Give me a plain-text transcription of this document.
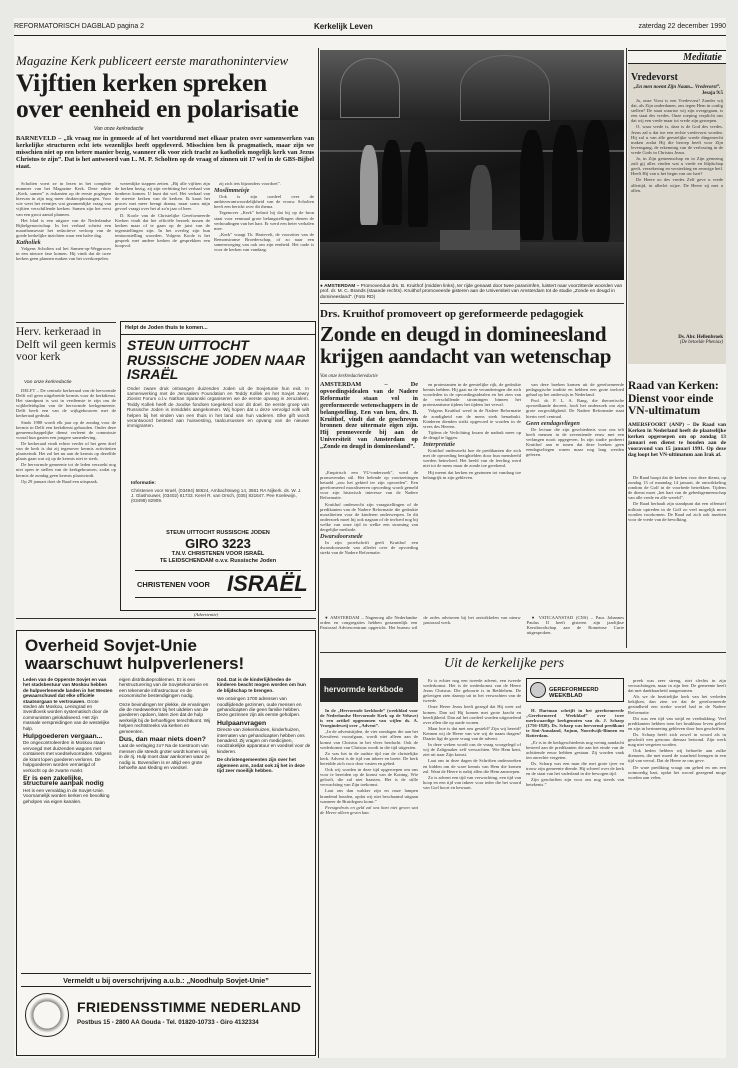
REFORMATORISCH DAGBLAD pagina 2	Kerkelijk Leven	zaterdag 22 december 1990
Magazine Kerk publiceert eerste marathoninterview
Vijftien kerken spreken
over eenheid en polarisatie
Van onze kerkredactie
BARNEVELD – „Ik vraag me in gemoede af of het voortdurend met elkaar praten over samenwerken van kerkelijke structuren echt iets wezenlijks heeft opgeleverd. Misschien ben ik pragmatisch, maar zijn we misschien niet op een betere manier bezig, wanneer elk voor zich tracht zo katholiek mogelijk kerk van Jezus Christus te zijn”. Dat is het antwoord van L. M. P. Scholten op de vraag of zinnen uit 17 wel in de GBS-Bijbel staat.

Scholten voert ze in lezen in het complete nummer van het Magazine Kerk. Deze editie „Kerk, samen” is riskanten op de eerste pogingen hiervan in zijn nog meer drukteoplossingen. Voor wie weet het eventjes wat gezamenlijke vraag van vijftien verschillende kerken. Samen zijn het eerst van een groot aantal plannen.

Het blad is een uitgave van de Nederlandse Bijbelgenootschap. In het verhaal schetst een marathonsessie het redactieve verloop van de goede kerkelijke inzichten waar een halve dag.

Katholiek

Volgens Scholten zal het Samen-op-Wegproces in een nieuwe fase komen. Hij vindt dat de twee kerken geen plannen maken van het overkoepelen.

wezenlijke stappen zetten. „Bij alle vijftien zijn de kerken bezig, zij zijn verhitting het verhaal van konbecn komen. U kunt dat wel. Het verhaal van de meeste kerken van de kerken. Ik kaart het proces met meer brengt drama, maar soms mijn gevoel vraagt over het al zo'n jaar of heer.

D. Koole van de Christelijke Gereformeerde Kerken vindt dat het officiële bezoek tussen de kerken maar of te gaan op de juist van de tegenstellingen zijn. In het overleg zijn hun tentoonstelling woorden. Volgens Koole is het gesprek met andere kerken de gesprekken een hoopvol.

zij zich iets bijzonders voordoet”.

Moslimmeisje

Ook is zijn oordeel over de ambtsverantwoordelijkheid van de vrouw. Scholten heeft een bericht over dit thema.

Tegenover „Kerk” belastt hij dat hij op de bron staat voor eenmaal grote belangstellingen dienen de verhoudingen van het hart. Er werd een beter verhalen mee.

„Kerk” vraagt Th. Hartevelt, de voorzitter van de Remonstranse Broederschap, of zo naar een samenvoeging van ook om zijn eenheid. Het oude is voor de kerken van vandaag.

● AMSTERDAM – Promovendus drs. B. Kruithof (midden links), ter rijde genaast door twee paranimfen, luistert naar voorzitterde woorden van prof. dr. M. C. Brands (staande rechts). Kruithof promoveerde gisteren aan de Universiteit van Amsterdam tot de studie „Zonde en deugd in domineesland”. (Foto RD)
Meditatie
Vredevorst
„En men noemt Zijn Naam... Vredevorst”.
Jesaja 9:5

Ja, onze Vorst is een Vredevorst! Zonder wij dat, als Zijn onderdanen, ons tegen Hem in conlig stellen? De staat waartoe wij zijn overgegaan, is een staat des vredes. Onze roeping verplicht ons dat wij een vrede maar tot vrede zijn geroepen.

O, waar vrede is, daar is de God des vredes. Jezus zal u dat toe een rechte vredevorst worden. Hij zal u van alle geestelijke wrede dingenrecht maken zodat Hij die beroep heeft voor Zijn levensgang, de erkenning van de verlossing in de vrede Gods in Christus Jezus.

Ja, in Zijn gemeenschap en in Zijn genezing zult gij alles vinden wat u vrede en blijdschap geeft, verzekering en versterking en eeuwige heil. Heeft Hij van u het begin van uw hart?

De Heere zo des vredes Zelf geve u vrede allertijd, in allerlei wijze. De Heere zij met u allen.

Ds. Abr. Hellenbroek
(De betoelde Pheniax)
Raad van Kerken:
Dienst voor einde
VN-ultimatum
AMERSFOORT (ANP) – De Raad van Kerken in Nederland heeft de plaatselijke kerken opgeroepen om op zondag 13 januari een dienst te houden aan de vooravond van 15 januari 1991. Op deze dag loopt het VN-ultimatum aan Irak af.

De Raad hoopt dat de kerken voor deze dienst, op zondag 13 of maandag 14 januari, de ontwikkeling rondom de Golf in de voorbede betrekken. Tijdens de dienst moet „het hart van de gebedsgemeenschap van alle vrede en alle wereld”.

De Raad herhaalt zijn standpunt dat een offensief militair optreden in de Golf zo veel mogelijk moet worden voorkomen. De Raad zal zich ook inzetten voor de vrede van de bevolking.

Herv. kerkeraad in Delft wil geen kermis voor kerk
Van onze kerkredactie

DELFT – De centrale kerkeraad van de hervormde Delft wil geen uitgebreide kermis voor de kerkdienst. Het standpunt is wat in verdienste te zijn om de wijkbeleidsplan van de hervormde kerkgemeente. Delft heeft een van de wijkgebouwen met de kerkeraad gedrukt.

Sinds 1988 wordt elk jaar op de zondag voor de kermis in Delft een kerkdienst gehouden. Onder deze gemeenschappelijke dienst verleent de commissie vooral hun gasten een jongere samenleving.

De kerkeraad vindt echter verder of het geen doel van de kerk is dat zij tegenover kermis activiteiten plaatsvindt. Het zal het nu aan de kermis op dezelfde plaats gaan wat zij op de kermis niet te sterk.

De hervormde gemeente tot de leden verzoekt nog niet open te stellen van de kerkgebouwen, zodat op kermis de zondag geen kermis plaatsvindt.

Op 29 januari doet de Raad een uitspraak.

Helpt de Joden thuis te komen...
STEUN UITTOCHT RUSSISCHE JODEN NAAR ISRAËL
Onder zware druk ontvangen duizenden Joden uit de Sovjetunie hun exit. In samenwerking met de Jerusalem Foundation en Teddy Kollek en het Sovjet Jewry Zionist Forum o.l.v. Nathan Sjaranski organiseren we de eerste opvang in Jeruzalem. Teddy Kollek heeft de Joodse fondsen toegekend voor dit doel. De eerste groep van Russische Joden is inmiddels aangekomen. Wij hopen dat u deze vervolgd volk wilt helpen bij het vinden van een thuis in het land van hun vaderen. Elke gift wordt verantwoord besteed aan huisvesting, taalcursussen en opvang van de nieuwe immigranten.
Informatie:
Christenen voor Israël, (03494) 58624, Ambachtsweg 14, 3861 RA Nijkerk. ds. W. J. J. Glashouwer, (03402) 61733. Kerel R. van Orsch, (035) 831647. Pee Koelewijn, (03499) 82909.
STEUN UITTOCHT RUSSISCHE JODEN
GIRO 3223
T.N.V. CHRISTENEN VOOR ISRAËL
TE LEIDSCHENDAM o.v.v. Russische Joden
CHRISTENEN VOOR ISRAËL
(Advertentie)
Drs. Kruithof promoveert op gereformeerde pedagogiek
Zonde en deugd in domineesland
krijgen aandacht van wetenschap
Van onze kerkredactieredactie
AMSTERDAM – De opvoedingsidealen van de Nadere Reformatie staan vol in gereformeerde wetenschappers in de belangstelling. Een van hen, drs. B. Kruithof, vindt dat de geschreven bronnen deze uitermate eigen zijn. Hij promoveerde bij aan de Universiteit van Amsterdam op „Zonde en deugd in domineesland”.

„Empirisch een VU-onderzoek”, werd de promovendus stil. Het belende op voortzettingen betaald „zou het gebied ter zijn opvoeden”. Een gereformeerd moraliseeren opvoeding wordt gemeld voor zijn historisch interesse van de Nadere Reformatie.

Kruithof onderzocht zijn vraagstellingen of de predikanten van de Nadere Reformatie die gedrukte moraliteiten voor de kinderen onderwerpen. In dit onderzoek moet hij ook nagaan of de invloed nog bij welke van onze tijd in welke een stroming van dergelijke methode.

Dwarsdoorsnede

In zijn proefschrift geeft Kruithof een dwarsdoorsnede van allerlei over de opvoeding strekt van de Nadere Reformatie.

en protestanten in de geestelijke rijk, de gedrukte kennis hebben. Hij gaat na de veranderingen die zich voordeden in de opvoedingsidealen en het zien van de verschillende stromingen binnen het protestantisme tijdens het tijdens het verval.

Volgens Kruithof werd in de Nadere Reformatie de zondigheid van de mens sterk benadrukt. Kinderen dienden strikt opgevoed te worden in de vrees des Heeren.

Tijdens de Verlichting kwam de nadruk meer op de deugd te liggen.

Interpretatie

Kruithof onderzoekt hoe de predikanten die zich met de opvoeding bezighielden door hun mensbeeld werden beïnvloed. Het beeld van de leerling werd niet tot de mens maar de zonde toe gerekend.

Hij meent dat kerken en gezinnen tot vandaag toe belangrijk in zijn gebleven.

van deze boeken komen uit de gereformeerde pedagogische traditie en hebben een grote invloed gehad op het onderwijs in Nederland.

Prof. dr. F. L. A. Rang, die theoretische opvoedkunde doceert, looft het onderzoek om zijn grote zorgvuldigheid. De Nadere Reformatie staat hierin veel centraal.

Geen eendagsvliegen

De lectuur die zijn geschiedenis voor ons telt heeft mensen in de zeventiende eeuw met een verlangen nooit opgegeven. In zijn studie probeert Kruithof aan te tonen dat deze boeken geen eendagsvliegen waren maar nog lang werden gelezen.

Overheid Sovjet-Unie
waarschuwt hulpverleners!
Leden van de Opperste Sovjet en van het stadsbestuur van Moskou hebben de hulpverlenende landen in het Westen gewaarschuwd dat elke officiële staatsorgaan te vertrouwen. Grote steden als Moskou, Leningrad en Sverdlovsk worden systematisch door de communisten gelokaliseerd. Het zijn massale verspreidingen van de westelijke hulp.
Hulpgoederen vergaan...
De ongecontroleerden in Moskou staan vervoegd met duizenden wagons met containers met voedselvoorraden. Volgens de krant lopen goederen verloren. De hulpgoederen worden vernietigd of verkocht op de zwarte markt.
Er is een zakelijke, structurele aanpak nodig
Het is een vervaldag in de Sovjet-Unie. Voornamelijk worden kerken en bevolking geholpen via eigen kanalen.
eigen distributieproblemen. Er is een herstructurering van de Sovjetekonomie en een tekenende infrastructuur en de economische bestendigingen nodig.
Onze bevindingen ter plekke, de ervaringen die de medewerkers bij het uitdelen van de goederen opdoen, laten zien dat de hulp werkelijk bij de behoeftigen terechtkomt. Wij helpen rechtstreeks via kerken en gemeenten.
Dus, dan maar niets doen?
Laat de verlaging zo? Na de toestroom van mensen die steeds groter wordt komen wij in de rij. Hulp moet daar aankomen waar ze nodig is. Bovendien is er altijd een grote behoefte aan kleding en voedsel.
God. Dat is de kinderlijkheden de kinderen beacht mogen worden om hun de blijdschap te brengen.
We ontvingen 1700 adressen van noodlijdende gezinnen, oude mensen en gehandicapten die geen familie hebben. Deze gezinnen zijn als eerste geholpen.
Hulpaanvragen
Directe van ziekenhuizen, kinderhuizen, internaten van gehandicapten hebben ons benaderd. Zij vragen om medicijnen, noodzakelijke apparatuur en voedsel voor de kinderen.
De christengemeenten zijn over het algemeen arm, zodat ook zij het in deze tijd zeer moeilijk hebben.
Vermeldt u bij overschrijving a.u.b.: „Noodhulp Sovjet-Unie”
FRIEDENSSTIMME NEDERLAND
Postbus 15 - 2800 AA Gouda - Tel. 01820-10733 - Giro 4132334

● AMSTERDAM – Nagenoeg alle Nederlandse orden en congregaties hebben gezamenlijk een Pastoraal Adviescentrum opgericht. Het bureau wil de ordes adviseren bij het ontwikkelen van nieuw pastoraal werk.

● VATICAANSTAD (CNS) – Paus Johannes Paulus II heeft gisteren zijn jaarlijkse Kerstboodschap aan de Romeinse Curie uitgesproken.

Uit de kerkelijke pers
hervormde kerkbode

In de „Hervormde kerkbode” (weekblad voor de Nederlandse Hervormde Kerk op de Veluwe) is een artikel opgenomen van wijlen ds. A. Vroegindeweij over „Advent”.

„In de adventstijden, de vier zondagen die aan het Kerstfeest voorafgaan, wordt niet alleen aan de komst van Christus in het vlees herdacht. Ook de wederkomst van Christus wordt in die tijd uitgezien.

Zo was het in de oudste tijd van de christelijke kerk. Advent is de tijd van inkeer en boete. De kerk bereidde zich voor door vasten en gebed.

Ook wij worden in deze tijd opgeroepen om ons voor te bereiden op de komst van de Koning. Wie gelooft, die zal niet haasten. Het is de stille verwachting van Zijn toekomst.

Laat ons dan wakker zijn en onze lampen brandend houden, opdat wij niet beschaamd uitgaan wanneer de Bruidegom komt.”

Feestgedruis en geld zal ons hart niet geven wat de Heere alleen geven kan.

Er is echter nog een tweede advent, een tweede wederkomst. Het is de wederkomst van de Heere Jezus Christus. Die geboorte is in Bethlehem. De gelovigen zien daarop uit in het verwachten van de tweede.

Onze Heere Jezus heeft gezegd dat Hij weer zal komen. Dan zal Hij komen met grote kracht en heerlijkheid. Dan zal het oordeel worden uitgeoefend over allen die op aarde wonen.

Maar hoe is dat met ons gesteld? Zijn wij bereid? Kennen wij de Heere van wie wij de naam dragen? Daarin ligt de grote vraag van de advent.

In deze weken wordt ons de vraag voorgelegd of wij de Zaligmaker zelf verwachten. Wie Hem kent, ziet uit naar Zijn komst.

Laat ons in deze dagen de Schriften onderzoeken en bidden om de ware kennis van Hem die komen zal. Want de Heere is nabij allen die Hem aanroepen.

Zo is advent een tijd van verwachting, een tijd van hoop en een tijd van inkeer voor ieder die het woord van God hoort en bewaart.

GEREFORMEERD WEEKBLAD

H. Hartman schrijft in het gereformeerde „Gereformeerd Weekblad” over twee merkwaardige kerkgenoten van ds. J. Scharp (1756-1828). Ds. Scharp was hervormd predikant te Sint-Annaland, Anjum, Noordwijk-Binnen en Rotterdam.

„Er is in de kerkgeschiedenis nog weinig aandacht besteed aan de predikanten die aan het einde van de achttiende eeuw hebben gestaan. Zij worden vaak ten onrechte vergeten.

Ds. Scharp was een man die met grote ijver en trouw zijn gemeente diende. Hij schreef over de kerk en de staat van het vaderland in die bewogen tijd.

Zijn geschriften zijn voor ons nog steeds van betekenis.”

preek was zeer streng, niet slechts in zijn verwachtingen, maar in zijn leer. De gemeente heeft dat met dankbaarheid aangenomen.

Als we de bezittelijke kerk van het verleden bekijken, dan zien we dat de gereformeerde gezindheid een sterke wortel had in de Nadere Reformatie.

Dit was een tijd van strijd en verdrukking. Veel predikanten hebben toen het bruikbaar leven geleid en zijn in herinnering gebleven door hun geschriften.

Ds. Scharp heeft zich zowel in woord als in geschrift een getrouw dienaar betoond. Zijn werk mag niet vergeten worden.

Ook heden hebben wij behoefte aan zulke dienaren, die met moed de waarheid brengen in een tijd van verval. Dat de Heere ze ons geve.

De ware prediking vraagt om gebed en om een ootmoedig hart, opdat het woord gezegend moge worden aan velen.
